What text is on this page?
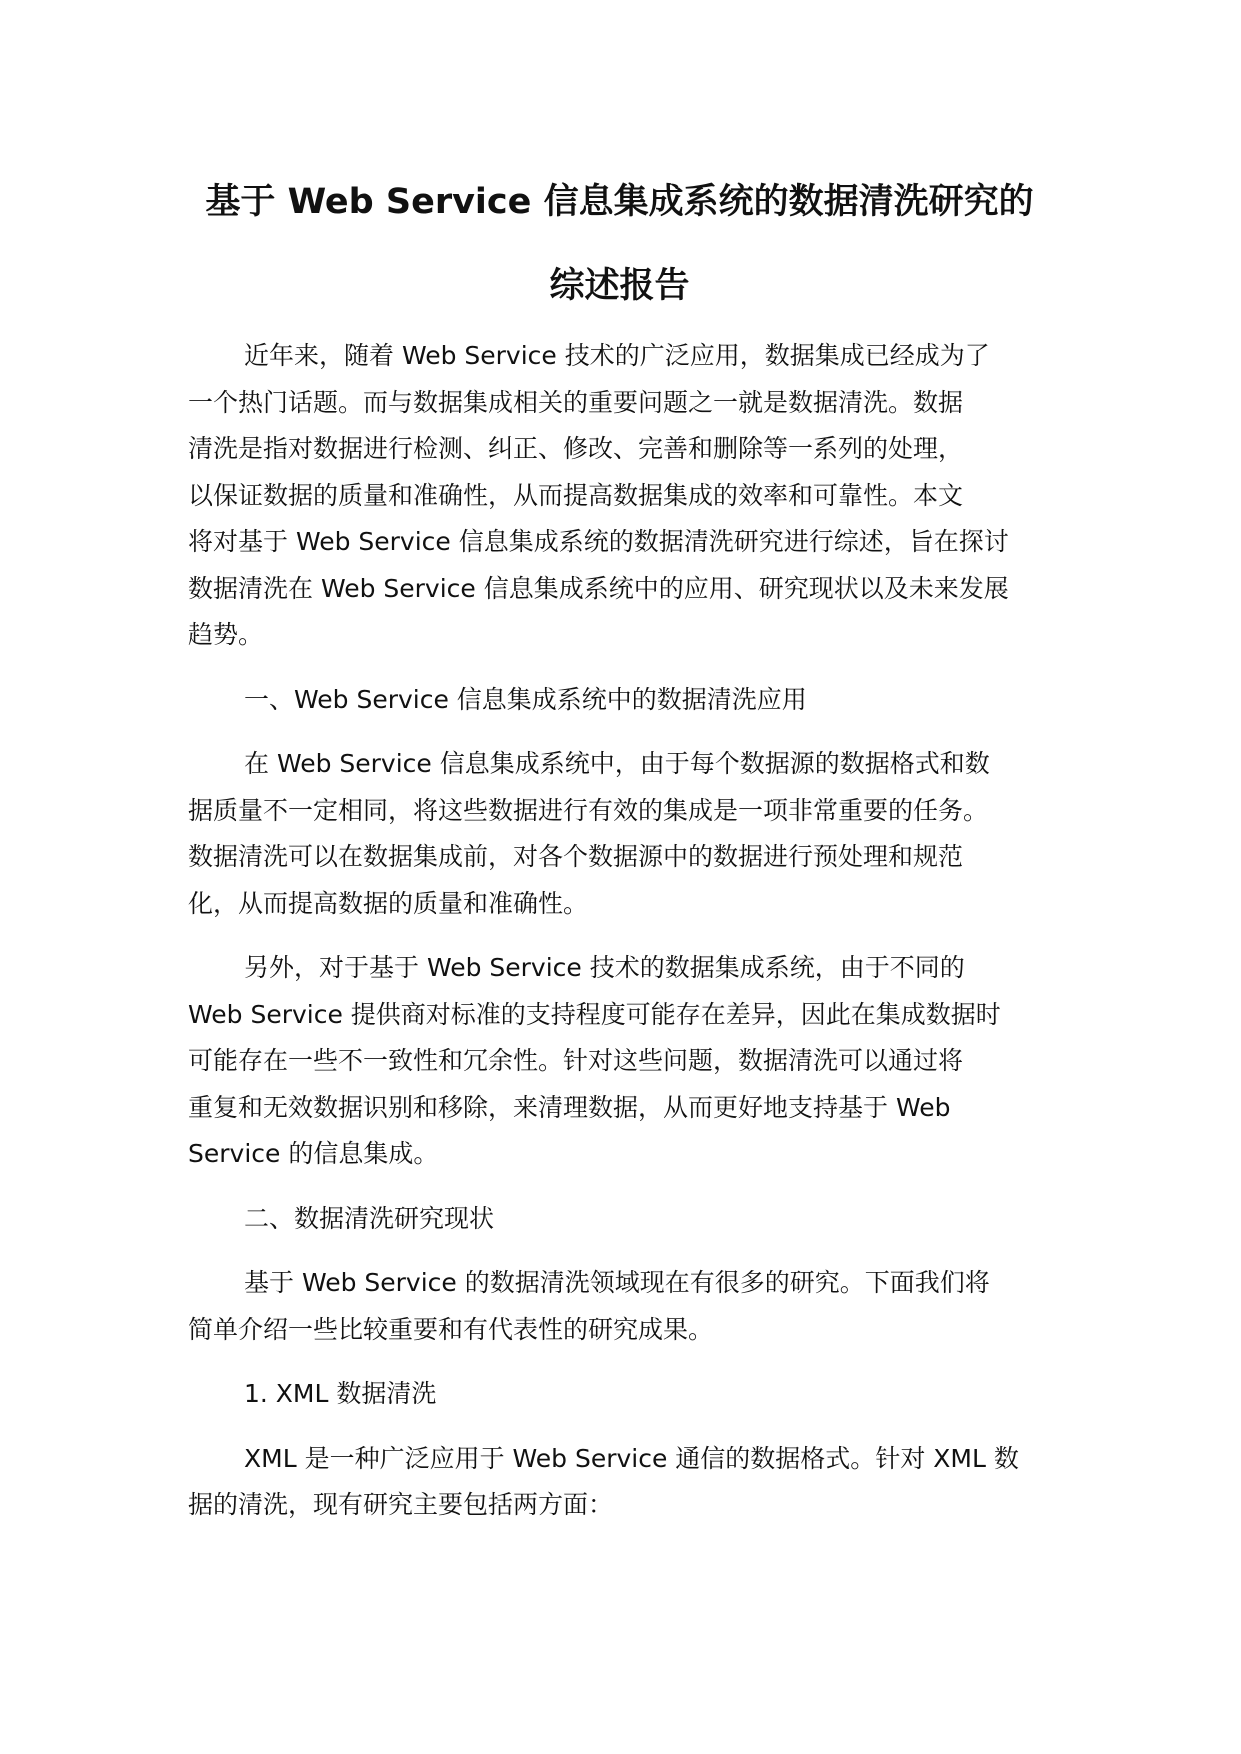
基于 Web Service 信息集成系统的数据清洗研究的
综述报告
近年来，随着 Web Service 技术的广泛应用，数据集成已经成为了
一个热门话题。而与数据集成相关的重要问题之一就是数据清洗。数据
清洗是指对数据进行检测、纠正、修改、完善和删除等一系列的处理，
以保证数据的质量和准确性，从而提高数据集成的效率和可靠性。本文
将对基于 Web Service 信息集成系统的数据清洗研究进行综述，旨在探讨
数据清洗在 Web Service 信息集成系统中的应用、研究现状以及未来发展
趋势。
一、Web Service 信息集成系统中的数据清洗应用
在 Web Service 信息集成系统中，由于每个数据源的数据格式和数
据质量不一定相同，将这些数据进行有效的集成是一项非常重要的任务。
数据清洗可以在数据集成前，对各个数据源中的数据进行预处理和规范
化，从而提高数据的质量和准确性。
另外，对于基于 Web Service 技术的数据集成系统，由于不同的
Web Service 提供商对标准的支持程度可能存在差异，因此在集成数据时
可能存在一些不一致性和冗余性。针对这些问题，数据清洗可以通过将
重复和无效数据识别和移除，来清理数据，从而更好地支持基于 Web
Service 的信息集成。
二、数据清洗研究现状
基于 Web Service 的数据清洗领域现在有很多的研究。下面我们将
简单介绍一些比较重要和有代表性的研究成果。
1. XML 数据清洗
XML 是一种广泛应用于 Web Service 通信的数据格式。针对 XML 数
据的清洗，现有研究主要包括两方面：
